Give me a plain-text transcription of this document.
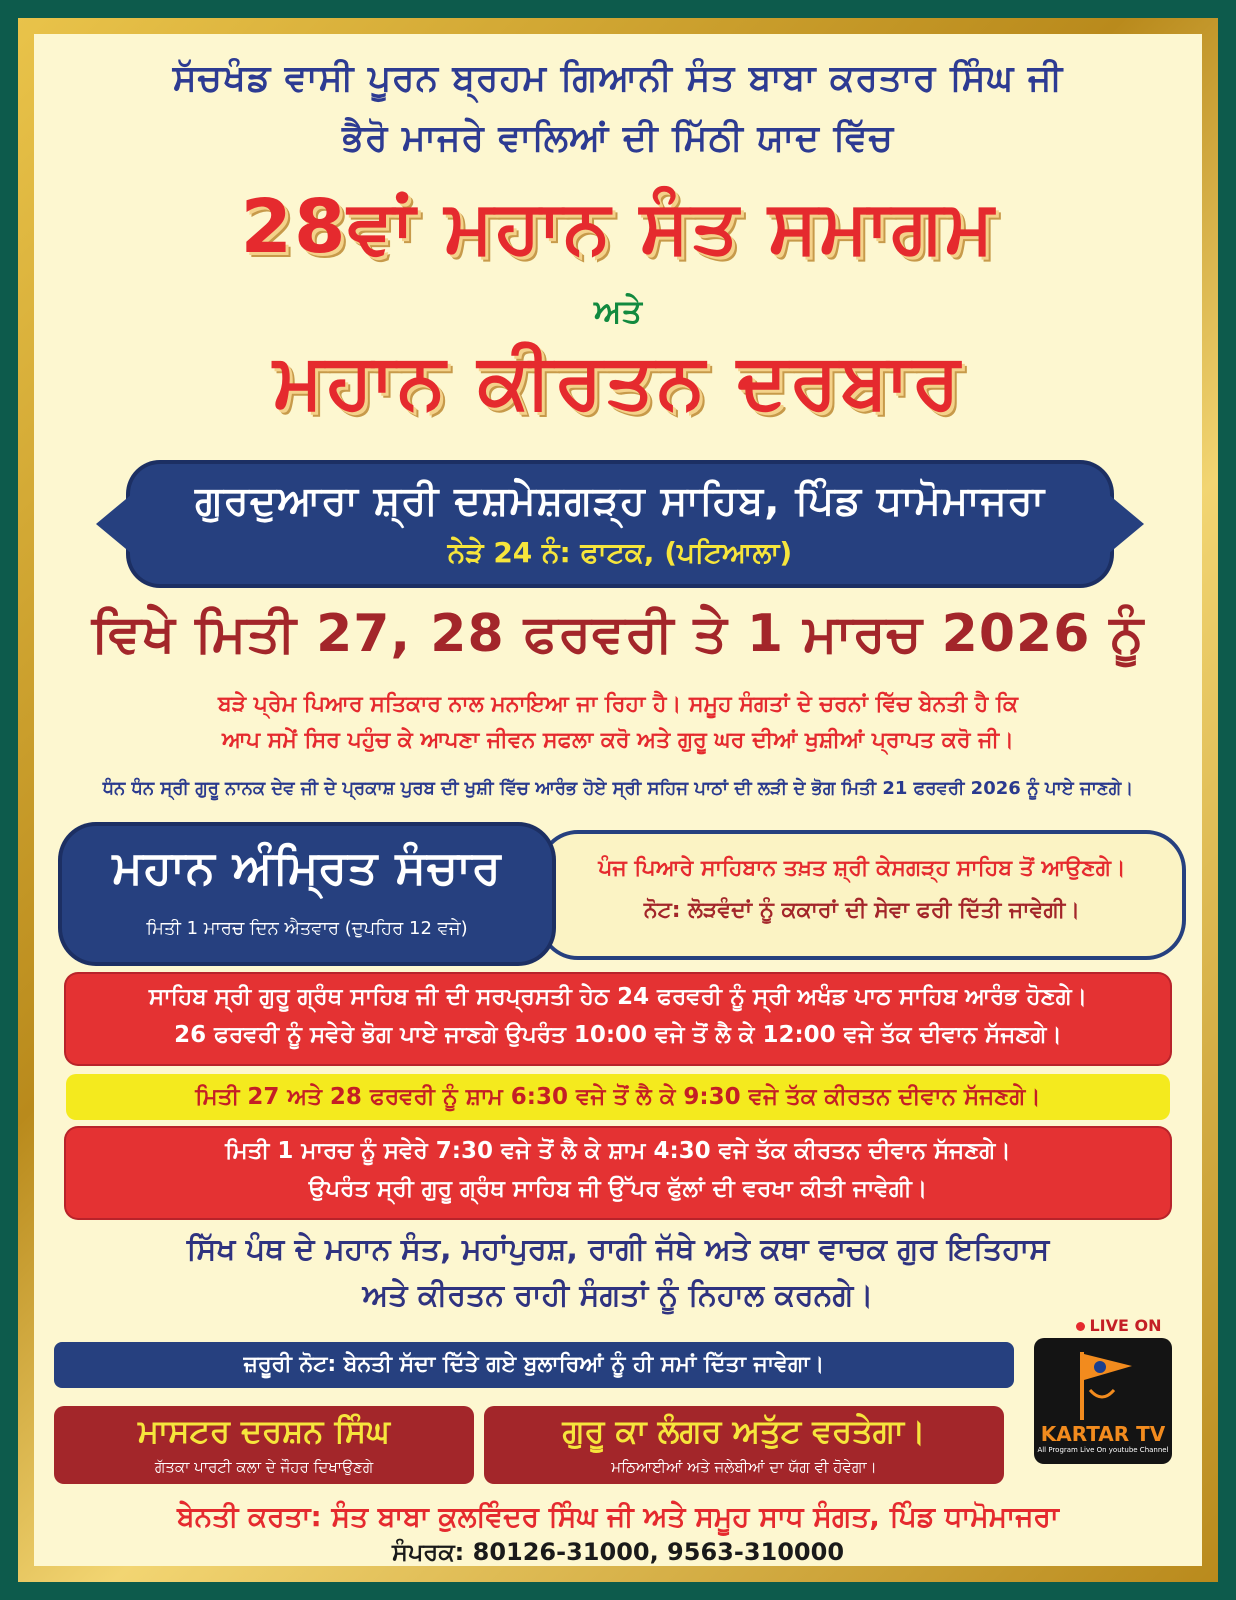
ਸੱਚਖੰਡ ਵਾਸੀ ਪੂਰਨ ਬ੍ਰਹਮ ਗਿਆਨੀ ਸੰਤ ਬਾਬਾ ਕਰਤਾਰ ਸਿੰਘ ਜੀ
ਭੈਰੋ ਮਾਜਰੇ ਵਾਲਿਆਂ ਦੀ ਮਿੱਠੀ ਯਾਦ ਵਿੱਚ
28ਵਾਂ ਮਹਾਨ ਸੰਤ ਸਮਾਗਮ
ਅਤੇ
ਮਹਾਨ ਕੀਰਤਨ ਦਰਬਾਰ
ਗੁਰਦੁਆਰਾ ਸ਼੍ਰੀ ਦਸ਼ਮੇਸ਼ਗੜ੍ਹ ਸਾਹਿਬ, ਪਿੰਡ ਧਾਮੋਮਾਜਰਾ
ਨੇੜੇ 24 ਨੰ: ਫਾਟਕ, (ਪਟਿਆਲਾ)
ਵਿਖੇ ਮਿਤੀ 27, 28 ਫਰਵਰੀ ਤੇ 1 ਮਾਰਚ 2026 ਨੂੰ
ਬੜੇ ਪ੍ਰੇਮ ਪਿਆਰ ਸਤਿਕਾਰ ਨਾਲ ਮਨਾਇਆ ਜਾ ਰਿਹਾ ਹੈ। ਸਮੂਹ ਸੰਗਤਾਂ ਦੇ ਚਰਨਾਂ ਵਿੱਚ ਬੇਨਤੀ ਹੈ ਕਿ
ਆਪ ਸਮੇਂ ਸਿਰ ਪਹੁੰਚ ਕੇ ਆਪਣਾ ਜੀਵਨ ਸਫਲਾ ਕਰੋ ਅਤੇ ਗੁਰੂ ਘਰ ਦੀਆਂ ਖੁਸ਼ੀਆਂ ਪ੍ਰਾਪਤ ਕਰੋ ਜੀ।
ਧੰਨ ਧੰਨ ਸ੍ਰੀ ਗੁਰੂ ਨਾਨਕ ਦੇਵ ਜੀ ਦੇ ਪ੍ਰਕਾਸ਼ ਪੁਰਬ ਦੀ ਖੁਸ਼ੀ ਵਿੱਚ ਆਰੰਭ ਹੋਏ ਸ੍ਰੀ ਸਹਿਜ ਪਾਠਾਂ ਦੀ ਲੜੀ ਦੇ ਭੋਗ ਮਿਤੀ 21 ਫਰਵਰੀ 2026 ਨੂੰ ਪਾਏ ਜਾਣਗੇ।
ਪੰਜ ਪਿਆਰੇ ਸਾਹਿਬਾਨ ਤਖ਼ਤ ਸ਼੍ਰੀ ਕੇਸਗੜ੍ਹ ਸਾਹਿਬ ਤੋਂ ਆਉਣਗੇ।
ਨੋਟ: ਲੋੜਵੰਦਾਂ ਨੂੰ ਕਕਾਰਾਂ ਦੀ ਸੇਵਾ ਫਰੀ ਦਿੱਤੀ ਜਾਵੇਗੀ।
ਮਹਾਨ ਅੰਮ੍ਰਿਤ ਸੰਚਾਰ
ਮਿਤੀ 1 ਮਾਰਚ ਦਿਨ ਐਤਵਾਰ (ਦੁਪਹਿਰ 12 ਵਜੇ)
ਸਾਹਿਬ ਸ੍ਰੀ ਗੁਰੂ ਗ੍ਰੰਥ ਸਾਹਿਬ ਜੀ ਦੀ ਸਰਪ੍ਰਸਤੀ ਹੇਠ 24 ਫਰਵਰੀ ਨੂੰ ਸ੍ਰੀ ਅਖੰਡ ਪਾਠ ਸਾਹਿਬ ਆਰੰਭ ਹੋਣਗੇ।
26 ਫਰਵਰੀ ਨੂੰ ਸਵੇਰੇ ਭੋਗ ਪਾਏ ਜਾਣਗੇ ਉਪਰੰਤ 10:00 ਵਜੇ ਤੋਂ ਲੈ ਕੇ 12:00 ਵਜੇ ਤੱਕ ਦੀਵਾਨ ਸੱਜਣਗੇ।
ਮਿਤੀ 27 ਅਤੇ 28 ਫਰਵਰੀ ਨੂੰ ਸ਼ਾਮ 6:30 ਵਜੇ ਤੋਂ ਲੈ ਕੇ 9:30 ਵਜੇ ਤੱਕ ਕੀਰਤਨ ਦੀਵਾਨ ਸੱਜਣਗੇ।
ਮਿਤੀ 1 ਮਾਰਚ ਨੂੰ ਸਵੇਰੇ 7:30 ਵਜੇ ਤੋਂ ਲੈ ਕੇ ਸ਼ਾਮ 4:30 ਵਜੇ ਤੱਕ ਕੀਰਤਨ ਦੀਵਾਨ ਸੱਜਣਗੇ।
ਉਪਰੰਤ ਸ੍ਰੀ ਗੁਰੂ ਗ੍ਰੰਥ ਸਾਹਿਬ ਜੀ ਉੱਪਰ ਫੁੱਲਾਂ ਦੀ ਵਰਖਾ ਕੀਤੀ ਜਾਵੇਗੀ।
ਸਿੱਖ ਪੰਥ ਦੇ ਮਹਾਨ ਸੰਤ, ਮਹਾਂਪੁਰਸ਼, ਰਾਗੀ ਜੱਥੇ ਅਤੇ ਕਥਾ ਵਾਚਕ ਗੁਰ ਇਤਿਹਾਸ
ਅਤੇ ਕੀਰਤਨ ਰਾਹੀ ਸੰਗਤਾਂ ਨੂੰ ਨਿਹਾਲ ਕਰਨਗੇ।
ਜ਼ਰੂਰੀ ਨੋਟ: ਬੇਨਤੀ ਸੱਦਾ ਦਿੱਤੇ ਗਏ ਬੁਲਾਰਿਆਂ ਨੂੰ ਹੀ ਸਮਾਂ ਦਿੱਤਾ ਜਾਵੇਗਾ।
ਮਾਸਟਰ ਦਰਸ਼ਨ ਸਿੰਘ
ਗੱਤਕਾ ਪਾਰਟੀ ਕਲਾ ਦੇ ਜੌਹਰ ਦਿਖਾਉਣਗੇ
ਗੁਰੂ ਕਾ ਲੰਗਰ ਅਤੁੱਟ ਵਰਤੇਗਾ।
ਮਠਿਆਈਆਂ ਅਤੇ ਜਲੇਬੀਆਂ ਦਾ ਯੱਗ ਵੀ ਹੋਵੇਗਾ।
LIVE ON
KARTAR TV
All Program Live On youtube Channel
ਬੇਨਤੀ ਕਰਤਾ: ਸੰਤ ਬਾਬਾ ਕੁਲਵਿੰਦਰ ਸਿੰਘ ਜੀ ਅਤੇ ਸਮੂਹ ਸਾਧ ਸੰਗਤ, ਪਿੰਡ ਧਾਮੋਮਾਜਰਾ
ਸੰਪਰਕ: 80126-31000, 9563-310000
